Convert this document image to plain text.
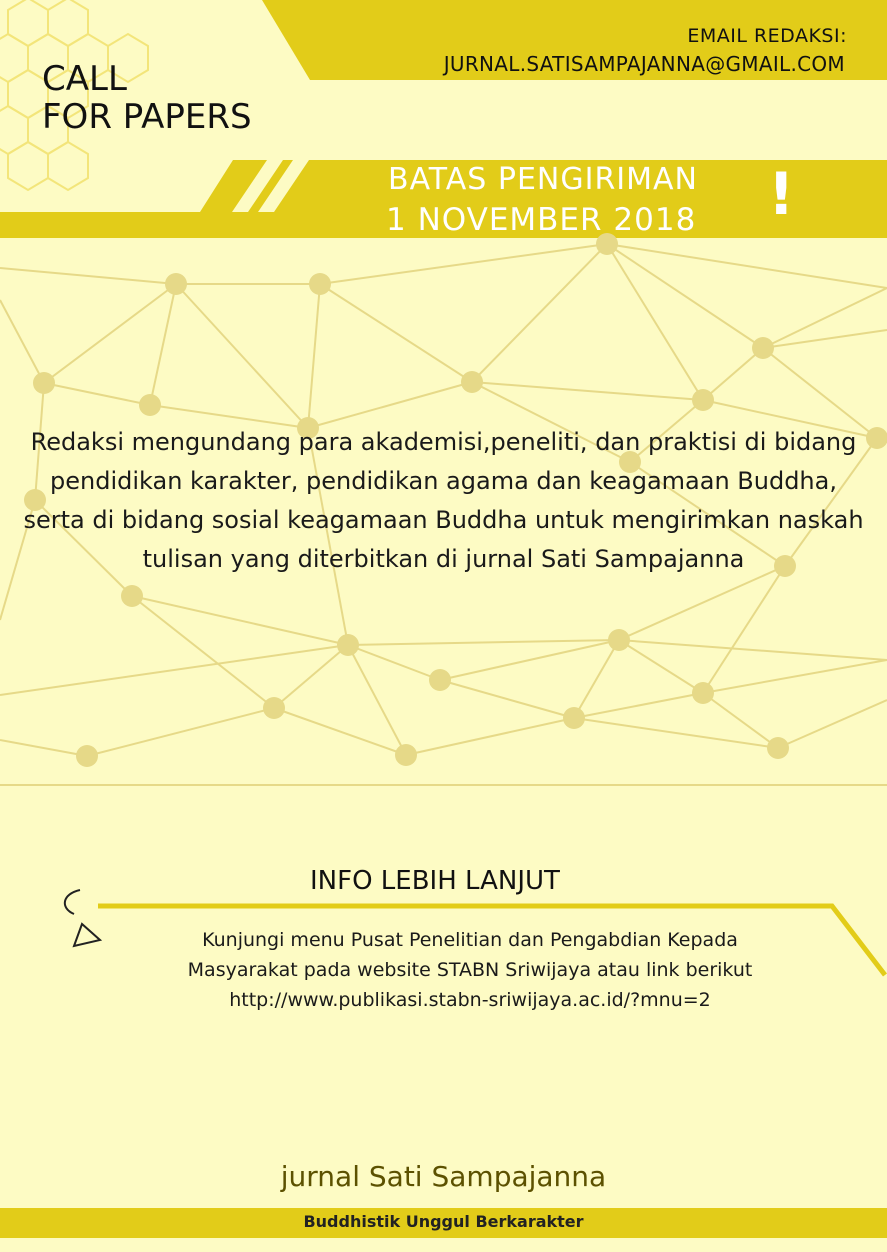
CALL
FOR PAPERS
EMAIL REDAKSI:
JURNAL.SATISAMPAJANNA@GMAIL.COM
BATAS PENGIRIMAN
1 NOVEMBER 2018 !

Redaksi mengundang para akademisi,peneliti, dan praktisi di bidang pendidikan karakter, pendidikan agama dan keagamaan Buddha, serta di bidang sosial keagamaan Buddha untuk mengirimkan naskah tulisan yang diterbitkan di jurnal Sati Sampajanna

INFO LEBIH LANJUT
Kunjungi menu Pusat Penelitian dan Pengabdian Kepada
Masyarakat pada website STABN Sriwijaya atau link berikut
http://www.publikasi.stabn-sriwijaya.ac.id/?mnu=2
jurnal Sati Sampajanna
Buddhistik Unggul Berkarakter
